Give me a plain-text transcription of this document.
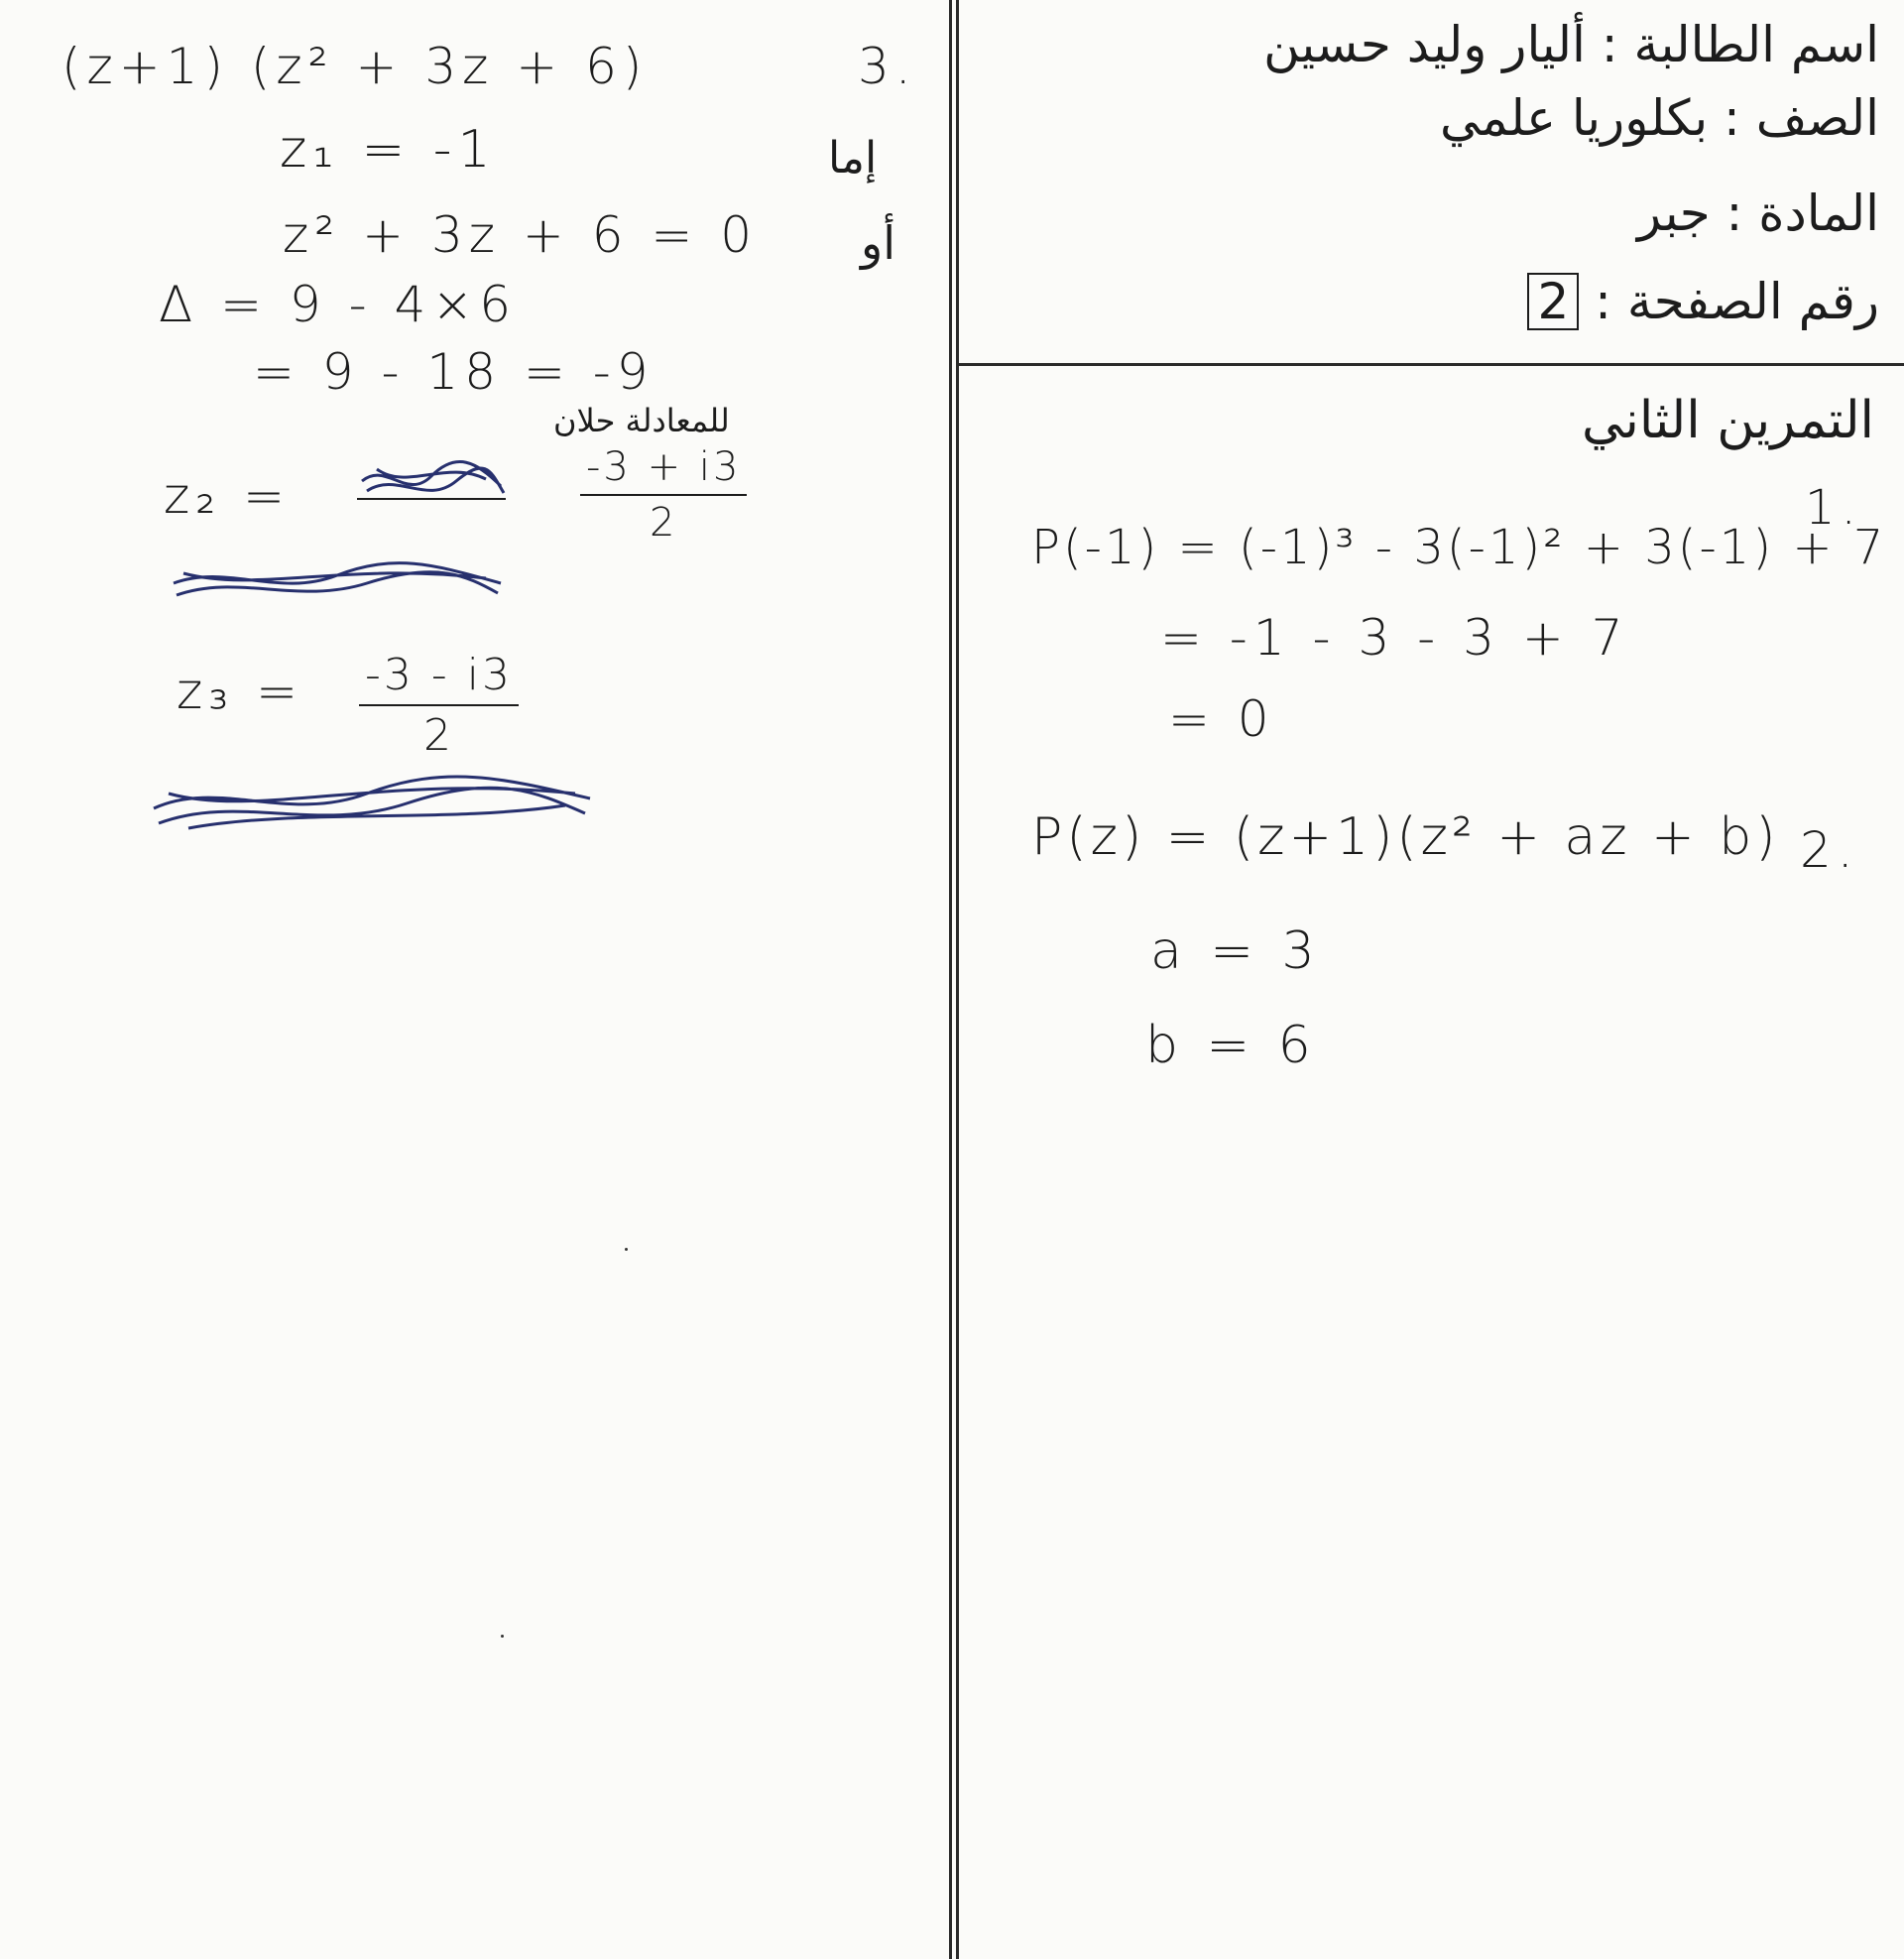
اسم الطالبة : أليار وليد حسين
الصف : بكلوريا علمي
المادة : جبر
رقم الصفحة : 2
التمرين الثاني
1.
P(-1) = (-1)³ - 3(-1)² + 3(-1) + 7
= -1 - 3 - 3 + 7
= 0
2.
P(z) = (z+1)(z² + az + b)
a = 3
b = 6
3.
(z+1) (z² + 3z + 6)
إما
z₁ = -1
أو
z² + 3z + 6 = 0
Δ = 9 - 4×6
= 9 - 18 = -9
للمعادلة حلان
z₂ =	$\frac{-3 + i3}{2}$
$z_3 = \frac{-3 - i3}{2}$
